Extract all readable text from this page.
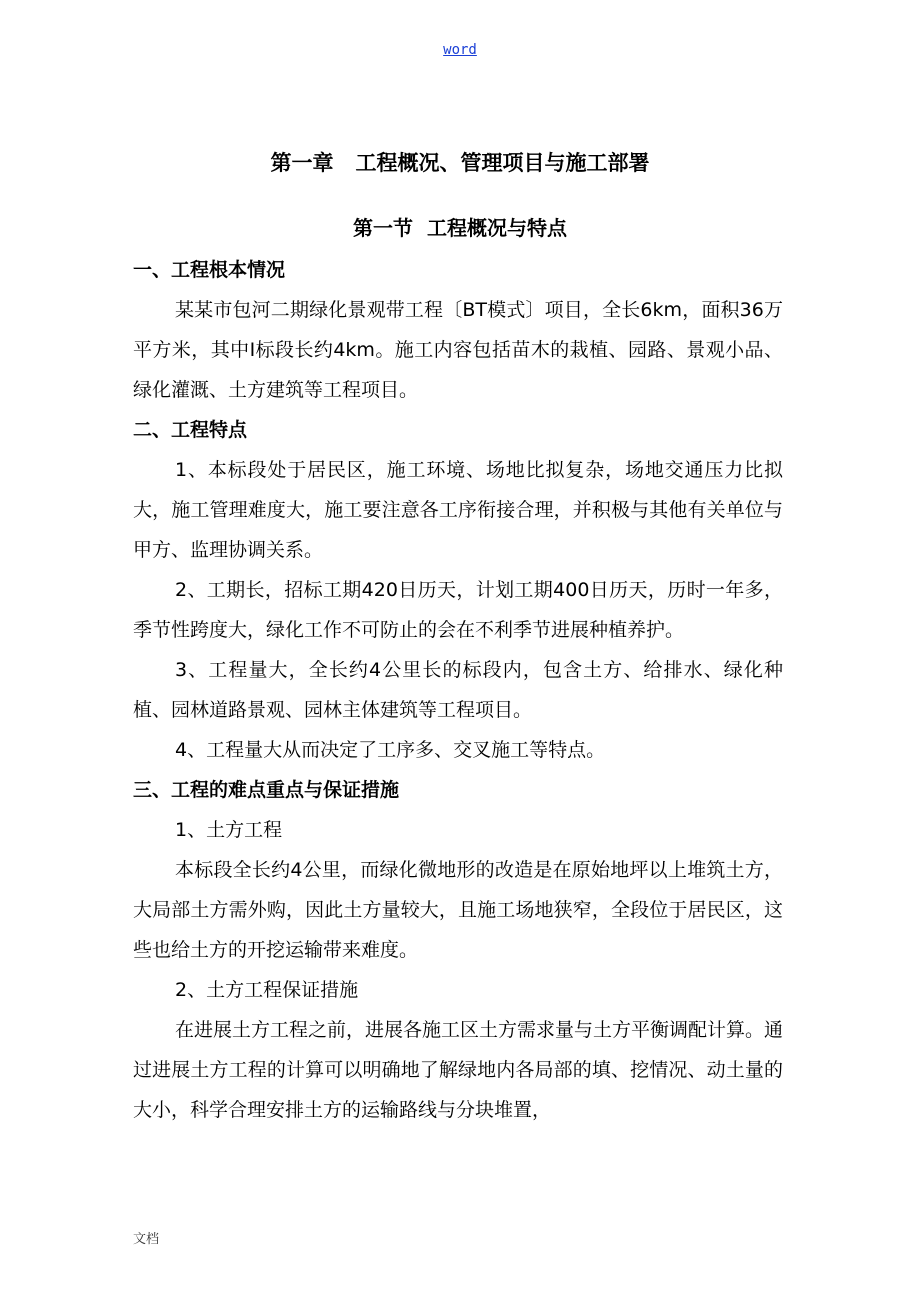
word
第一章   工程概况、管理项目与施工部署
第一节  工程概况与特点

一、工程根本情况

某某市包河二期绿化景观带工程〔BT模式〕项目，全长6km，面积36万平方米，其中Ⅰ标段长约4km。施工内容包括苗木的栽植、园路、景观小品、绿化灌溉、土方建筑等工程项目。

二、工程特点

1、本标段处于居民区，施工环境、场地比拟复杂，场地交通压力比拟大，施工管理难度大，施工要注意各工序衔接合理，并积极与其他有关单位与甲方、监理协调关系。

2、工期长，招标工期420日历天，计划工期400日历天，历时一年多，季节性跨度大，绿化工作不可防止的会在不利季节进展种植养护。

3、工程量大，全长约4公里长的标段内，包含土方、给排水、绿化种植、园林道路景观、园林主体建筑等工程项目。

4、工程量大从而决定了工序多、交叉施工等特点。

三、工程的难点重点与保证措施

1、土方工程

本标段全长约4公里，而绿化微地形的改造是在原始地坪以上堆筑土方，大局部土方需外购，因此土方量较大，且施工场地狭窄，全段位于居民区，这些也给土方的开挖运输带来难度。

2、土方工程保证措施

在进展土方工程之前，进展各施工区土方需求量与土方平衡调配计算。通过进展土方工程的计算可以明确地了解绿地内各局部的填、挖情况、动土量的大小，科学合理安排土方的运输路线与分块堆置，

文档
